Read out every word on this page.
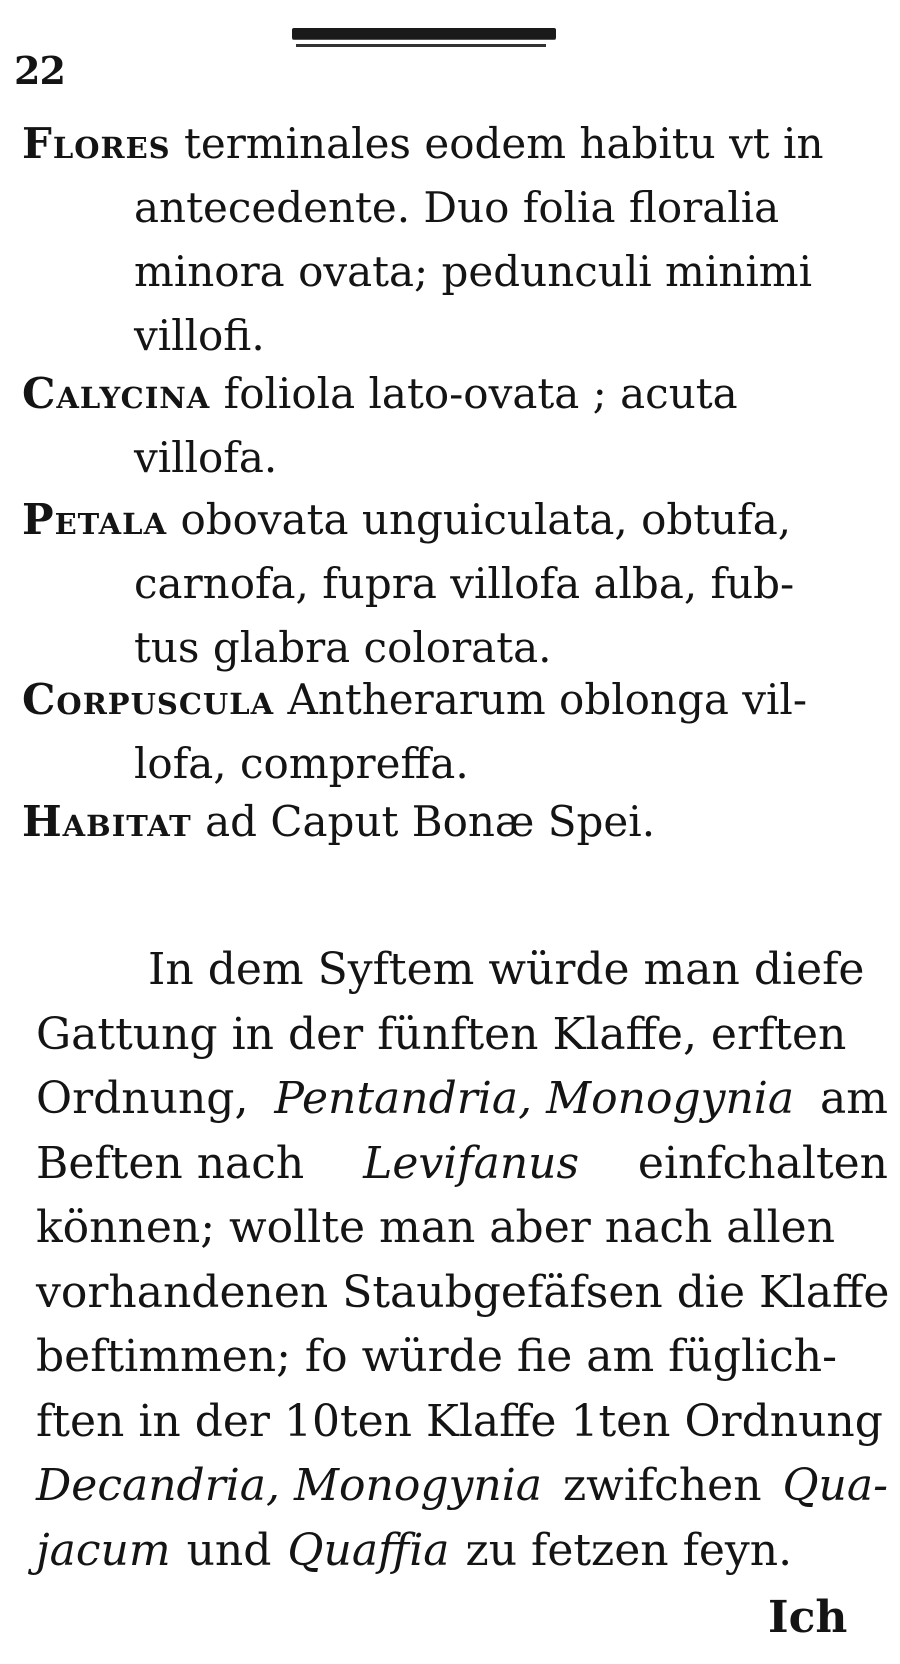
22
Flores terminales eodem habitu vt in
antecedente. Duo folia floralia
minora ovata; pedunculi minimi
villofi.
Calycina foliola lato-ovata ; acuta
villofa.
Petala obovata unguiculata, obtufa,
carnofa, fupra villofa alba, fub-
tus glabra colorata.
Corpuscula Antherarum oblonga vil-
lofa, compreffa.
Habitat ad Caput Bonæ Spei.
In dem Syftem würde man diefe
Gattung in der fünften Klaffe, erften
Ordnung, Pentandria, Monogynia am
Beften nach Levifanus einfchalten
können; wollte man aber nach allen
vorhandenen Staubgefäfsen die Klaffe
beftimmen; fo würde fie am füglich-
ften in der 10ten Klaffe 1ten Ordnung
Decandria, Monogynia zwifchen Qua-
jacum und Quaffia zu fetzen feyn.
Ich
